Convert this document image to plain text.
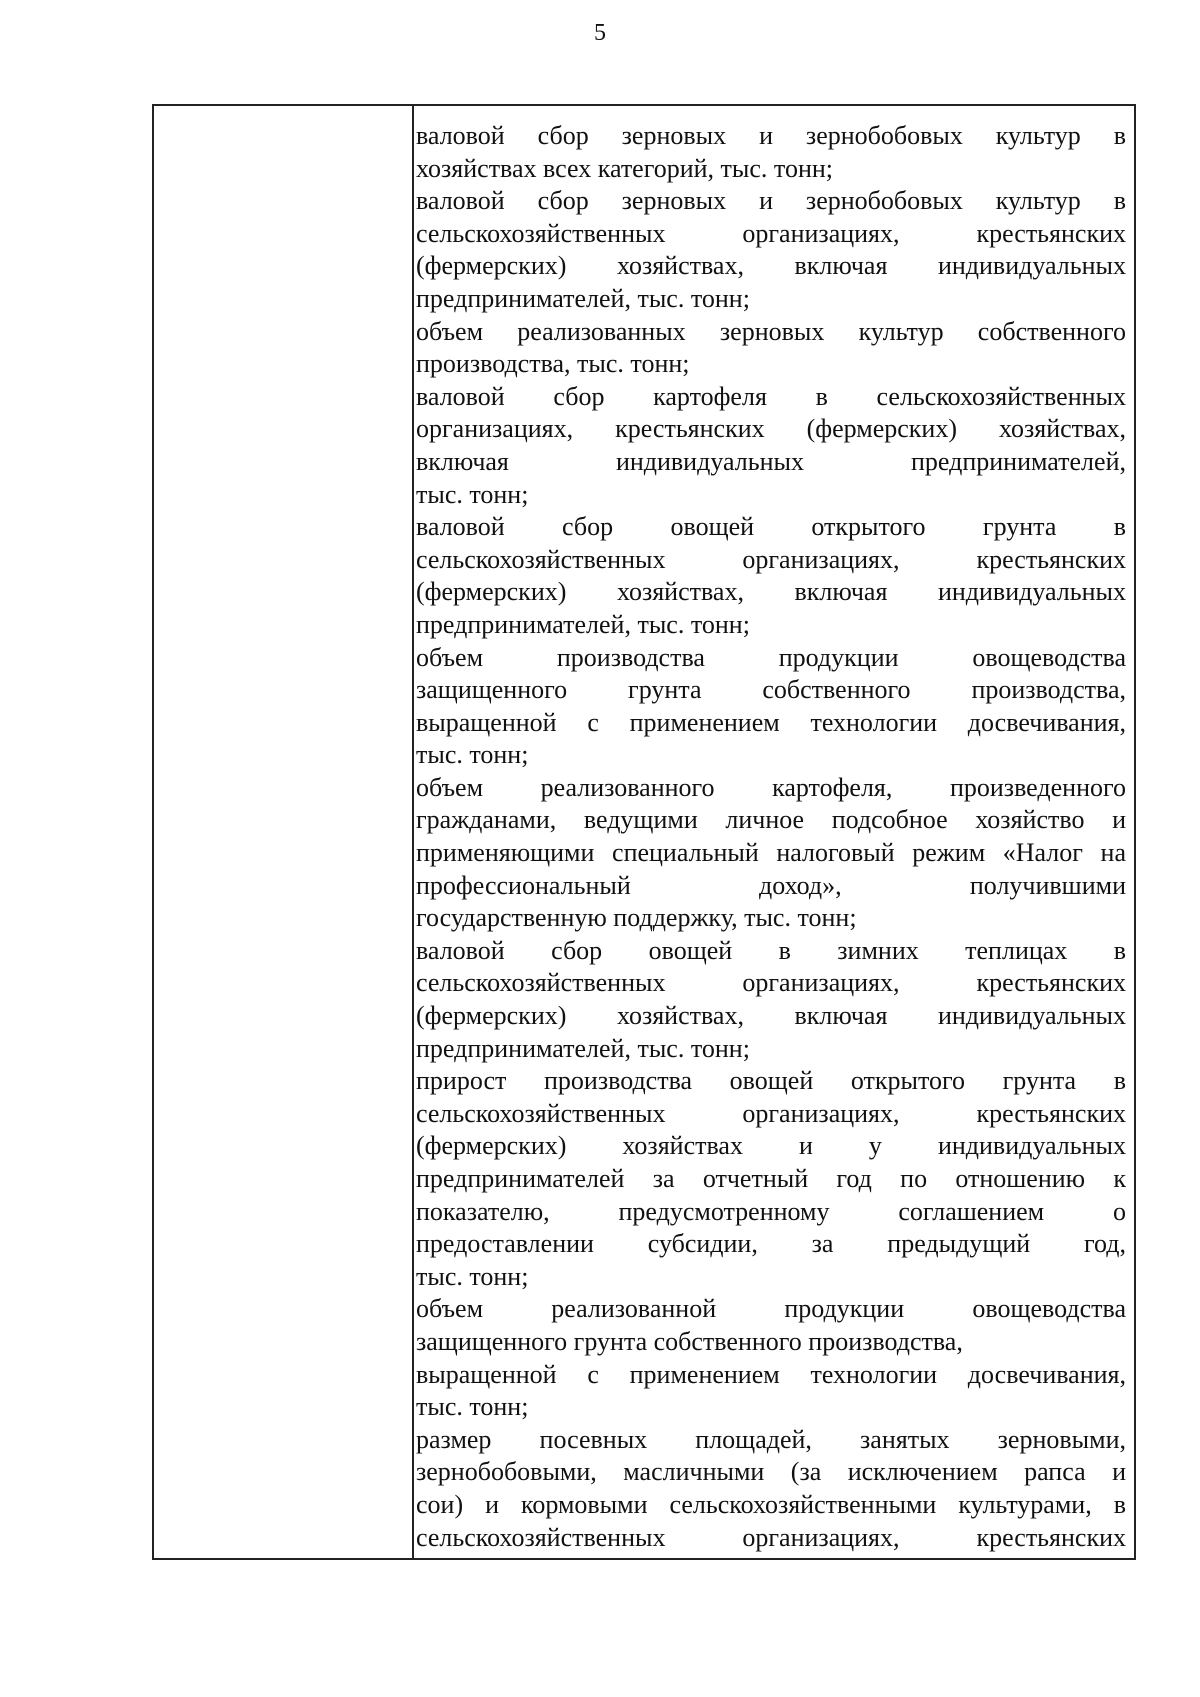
5
валовой сбор зерновых и зернобобовых культур в
хозяйствах всех категорий, тыс. тонн;
валовой сбор зерновых и зернобобовых культур в
сельскохозяйственных организациях, крестьянских
(фермерских) хозяйствах, включая индивидуальных
предпринимателей, тыс. тонн;
объем реализованных зерновых культур собственного
производства, тыс. тонн;
валовой сбор картофеля в сельскохозяйственных
организациях, крестьянских (фермерских) хозяйствах,
включая индивидуальных предпринимателей,
тыс. тонн;
валовой сбор овощей открытого грунта в
сельскохозяйственных организациях, крестьянских
(фермерских) хозяйствах, включая индивидуальных
предпринимателей, тыс. тонн;
объем производства продукции овощеводства
защищенного грунта собственного производства,
выращенной с применением технологии досвечивания,
тыс. тонн;
объем реализованного картофеля, произведенного
гражданами, ведущими личное подсобное хозяйство и
применяющими специальный налоговый режим «Налог на
профессиональный доход», получившими
государственную поддержку, тыс. тонн;
валовой сбор овощей в зимних теплицах в
сельскохозяйственных организациях, крестьянских
(фермерских) хозяйствах, включая индивидуальных
предпринимателей, тыс. тонн;
прирост производства овощей открытого грунта в
сельскохозяйственных организациях, крестьянских
(фермерских) хозяйствах и у индивидуальных
предпринимателей за отчетный год по отношению к
показателю, предусмотренному соглашением о
предоставлении субсидии, за предыдущий год,
тыс. тонн;
объем реализованной продукции овощеводства
защищенного грунта собственного производства,
выращенной с применением технологии досвечивания,
тыс. тонн;
размер посевных площадей, занятых зерновыми,
зернобобовыми, масличными (за исключением рапса и
сои) и кормовыми сельскохозяйственными культурами, в
сельскохозяйственных организациях, крестьянских
